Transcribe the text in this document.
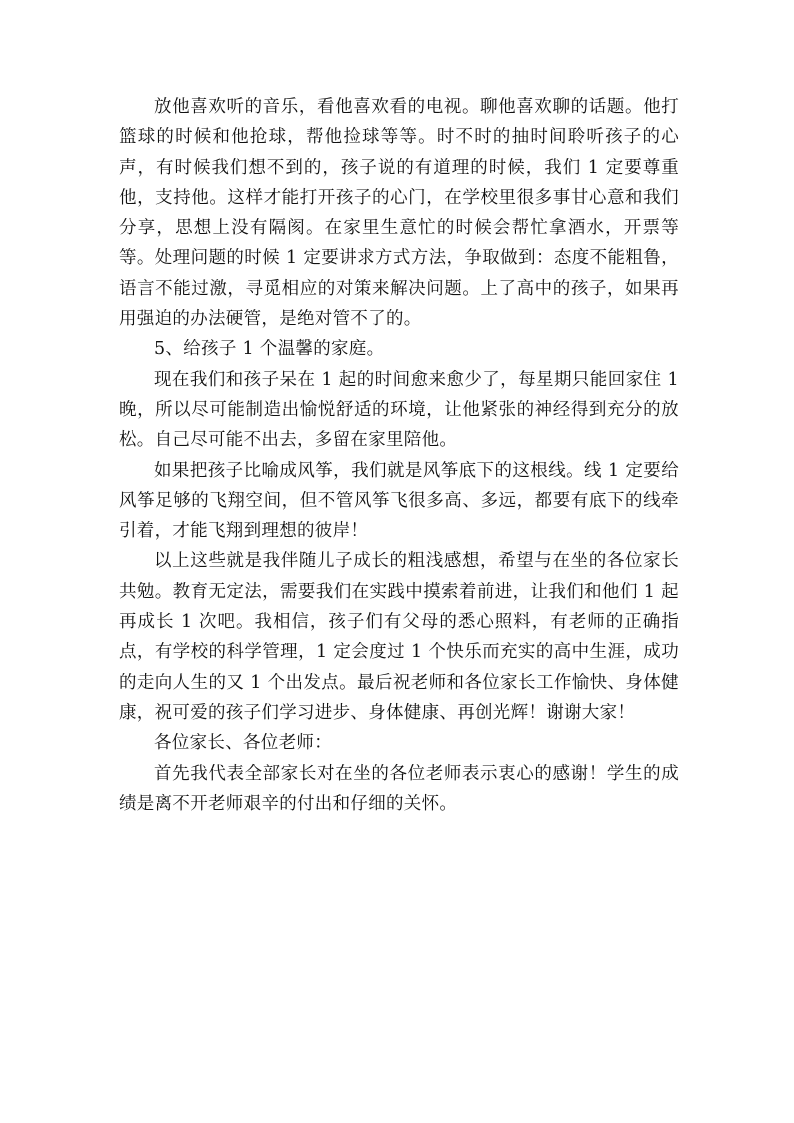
放他喜欢听的音乐，看他喜欢看的电视。聊他喜欢聊的话题。他打篮球的时候和他抢球，帮他捡球等等。时不时的抽时间聆听孩子的心声，有时候我们想不到的，孩子说的有道理的时候，我们 1 定要尊重他，支持他。这样才能打开孩子的心门，在学校里很多事甘心意和我们分享，思想上没有隔阂。在家里生意忙的时候会帮忙拿酒水，开票等等。处理问题的时候 1 定要讲求方式方法，争取做到：态度不能粗鲁，语言不能过激，寻觅相应的对策来解决问题。上了高中的孩子，如果再用强迫的办法硬管，是绝对管不了的。

5、给孩子 1 个温馨的家庭。

现在我们和孩子呆在 1 起的时间愈来愈少了，每星期只能回家住 1 晚，所以尽可能制造出愉悦舒适的环境，让他紧张的神经得到充分的放松。自己尽可能不出去，多留在家里陪他。

如果把孩子比喻成风筝，我们就是风筝底下的这根线。线 1 定要给风筝足够的飞翔空间，但不管风筝飞很多高、多远，都要有底下的线牵引着，才能飞翔到理想的彼岸！

以上这些就是我伴随儿子成长的粗浅感想，希望与在坐的各位家长共勉。教育无定法，需要我们在实践中摸索着前进，让我们和他们 1 起再成长 1 次吧。我相信，孩子们有父母的悉心照料，有老师的正确指点，有学校的科学管理，1 定会度过 1 个快乐而充实的高中生涯，成功的走向人生的又 1 个出发点。最后祝老师和各位家长工作愉快、身体健康，祝可爱的孩子们学习进步、身体健康、再创光辉！谢谢大家！

各位家长、各位老师：

首先我代表全部家长对在坐的各位老师表示衷心的感谢！学生的成绩是离不开老师艰辛的付出和仔细的关怀。
